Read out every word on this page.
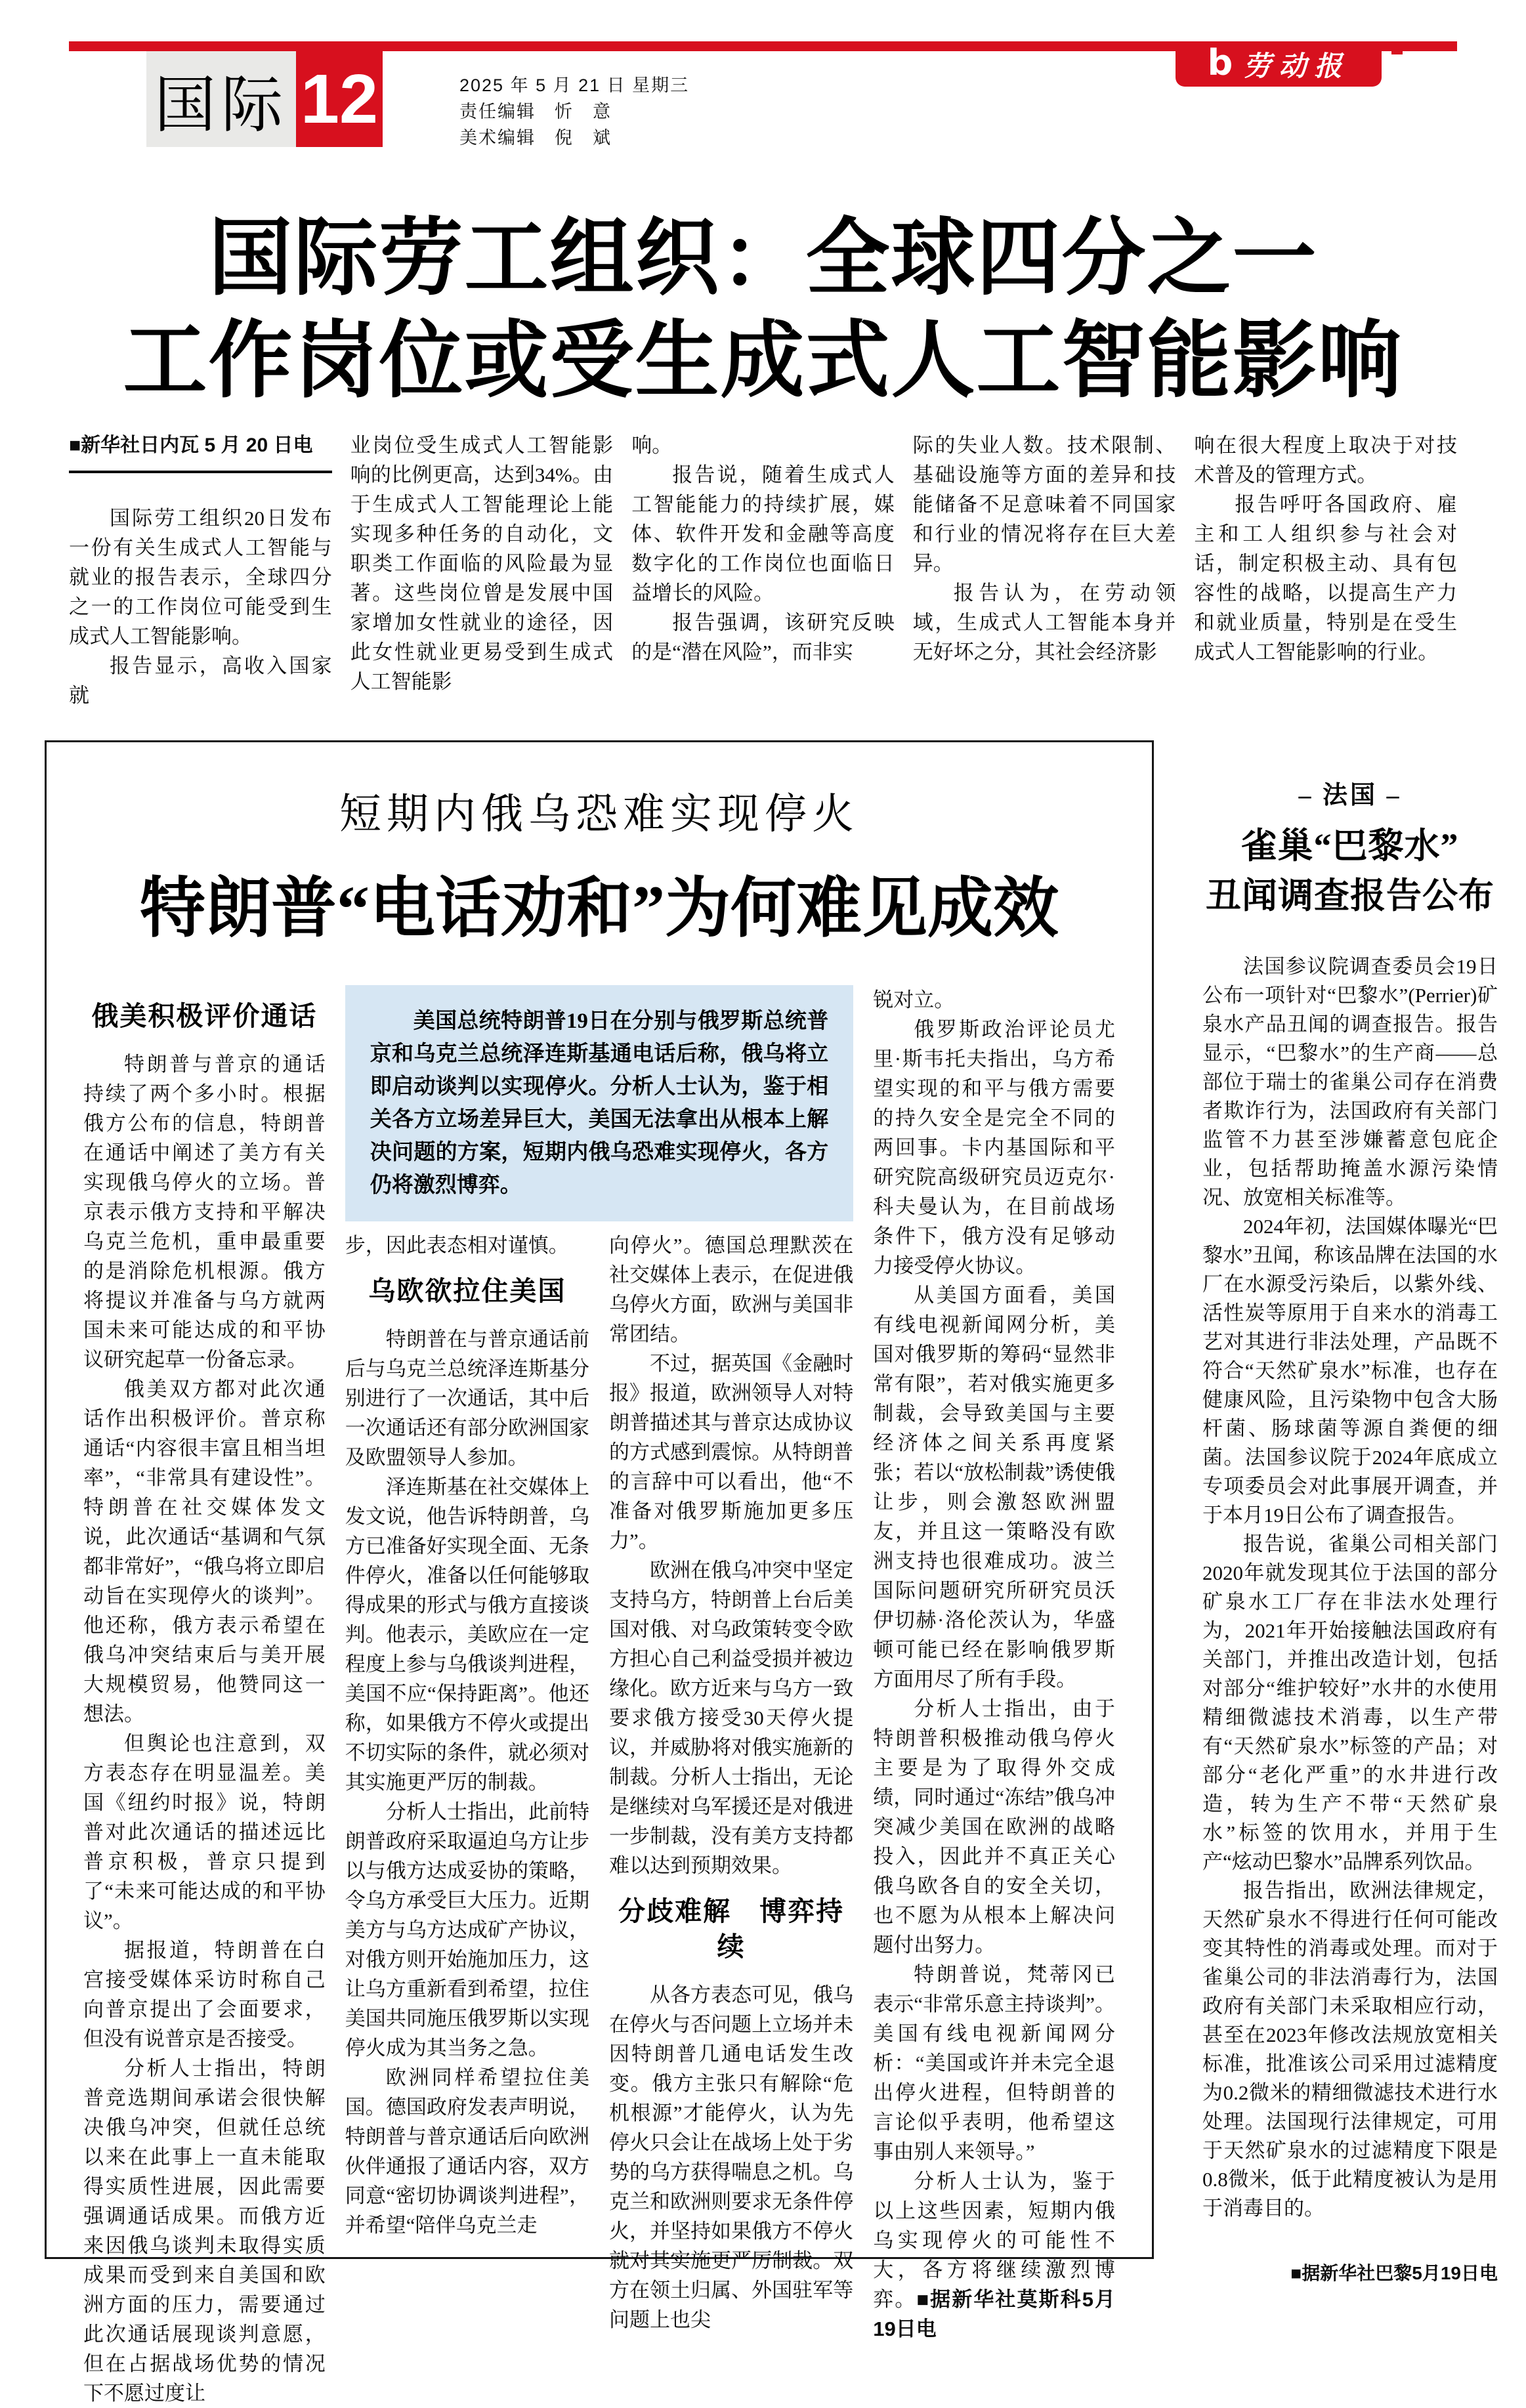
国际 12	2025 年 5 月 21 日 星期三
责任编辑　忻　意
美术编辑　倪　斌
b 劳动报
国际劳工组织：全球四分之一
工作岗位或受生成式人工智能影响

■新华社日内瓦 5 月 20 日电

国际劳工组织20日发布一份有关生成式人工智能与就业的报告表示，全球四分之一的工作岗位可能受到生成式人工智能影响。

报告显示，高收入国家就

业岗位受生成式人工智能影响的比例更高，达到34%。由于生成式人工智能理论上能实现多种任务的自动化，文职类工作面临的风险最为显著。这些岗位曾是发展中国家增加女性就业的途径，因此女性就业更易受到生成式人工智能影

响。

报告说，随着生成式人工智能能力的持续扩展，媒体、软件开发和金融等高度数字化的工作岗位也面临日益增长的风险。

报告强调，该研究反映的是“潜在风险”，而非实

际的失业人数。技术限制、基础设施等方面的差异和技能储备不足意味着不同国家和行业的情况将存在巨大差异。

报告认为，在劳动领域，生成式人工智能本身并无好坏之分，其社会经济影

响在很大程度上取决于对技术普及的管理方式。

报告呼吁各国政府、雇主和工人组织参与社会对话，制定积极主动、具有包容性的战略，以提高生产力和就业质量，特别是在受生成式人工智能影响的行业。

短期内俄乌恐难实现停火
特朗普“电话劝和”为何难见成效

俄美积极评价通话

特朗普与普京的通话持续了两个多小时。根据俄方公布的信息，特朗普在通话中阐述了美方有关实现俄乌停火的立场。普京表示俄方支持和平解决乌克兰危机，重申最重要的是消除危机根源。俄方将提议并准备与乌方就两国未来可能达成的和平协议研究起草一份备忘录。

俄美双方都对此次通话作出积极评价。普京称通话“内容很丰富且相当坦率”，“非常具有建设性”。特朗普在社交媒体发文说，此次通话“基调和气氛都非常好”，“俄乌将立即启动旨在实现停火的谈判”。他还称，俄方表示希望在俄乌冲突结束后与美开展大规模贸易，他赞同这一想法。

但舆论也注意到，双方表态存在明显温差。美国《纽约时报》说，特朗普对此次通话的描述远比普京积极，普京只提到了“未来可能达成的和平协议”。

据报道，特朗普在白宫接受媒体采访时称自己向普京提出了会面要求，但没有说普京是否接受。

分析人士指出，特朗普竞选期间承诺会很快解决俄乌冲突，但就任总统以来在此事上一直未能取得实质性进展，因此需要强调通话成果。而俄方近来因俄乌谈判未取得实质成果而受到来自美国和欧洲方面的压力，需要通过此次通话展现谈判意愿，但在占据战场优势的情况下不愿过度让

美国总统特朗普19日在分别与俄罗斯总统普京和乌克兰总统泽连斯基通电话后称，俄乌将立即启动谈判以实现停火。分析人士认为，鉴于相关各方立场差异巨大，美国无法拿出从根本上解决问题的方案，短期内俄乌恐难实现停火，各方仍将激烈博弈。

步，因此表态相对谨慎。

乌欧欲拉住美国

特朗普在与普京通话前后与乌克兰总统泽连斯基分别进行了一次通话，其中后一次通话还有部分欧洲国家及欧盟领导人参加。

泽连斯基在社交媒体上发文说，他告诉特朗普，乌方已准备好实现全面、无条件停火，准备以任何能够取得成果的形式与俄方直接谈判。他表示，美欧应在一定程度上参与乌俄谈判进程，美国不应“保持距离”。他还称，如果俄方不停火或提出不切实际的条件，就必须对其实施更严厉的制裁。

分析人士指出，此前特朗普政府采取逼迫乌方让步以与俄方达成妥协的策略，令乌方承受巨大压力。近期美方与乌方达成矿产协议，对俄方则开始施加压力，这让乌方重新看到希望，拉住美国共同施压俄罗斯以实现停火成为其当务之急。

欧洲同样希望拉住美国。德国政府发表声明说，特朗普与普京通话后向欧洲伙伴通报了通话内容，双方同意“密切协调谈判进程”，并希望“陪伴乌克兰走

向停火”。德国总理默茨在社交媒体上表示，在促进俄乌停火方面，欧洲与美国非常团结。

不过，据英国《金融时报》报道，欧洲领导人对特朗普描述其与普京达成协议的方式感到震惊。从特朗普的言辞中可以看出，他“不准备对俄罗斯施加更多压力”。

欧洲在俄乌冲突中坚定支持乌方，特朗普上台后美国对俄、对乌政策转变令欧方担心自己利益受损并被边缘化。欧方近来与乌方一致要求俄方接受30天停火提议，并威胁将对俄实施新的制裁。分析人士指出，无论是继续对乌军援还是对俄进一步制裁，没有美方支持都难以达到预期效果。

分歧难解　博弈持续

从各方表态可见，俄乌在停火与否问题上立场并未因特朗普几通电话发生改变。俄方主张只有解除“危机根源”才能停火，认为先停火只会让在战场上处于劣势的乌方获得喘息之机。乌克兰和欧洲则要求无条件停火，并坚持如果俄方不停火就对其实施更严厉制裁。双方在领土归属、外国驻军等问题上也尖

锐对立。

俄罗斯政治评论员尤里·斯韦托夫指出，乌方希望实现的和平与俄方需要的持久安全是完全不同的两回事。卡内基国际和平研究院高级研究员迈克尔·科夫曼认为，在目前战场条件下，俄方没有足够动力接受停火协议。

从美国方面看，美国有线电视新闻网分析，美国对俄罗斯的筹码“显然非常有限”，若对俄实施更多制裁，会导致美国与主要经济体之间关系再度紧张；若以“放松制裁”诱使俄让步，则会激怒欧洲盟友，并且这一策略没有欧洲支持也很难成功。波兰国际问题研究所研究员沃伊切赫·洛伦茨认为，华盛顿可能已经在影响俄罗斯方面用尽了所有手段。

分析人士指出，由于特朗普积极推动俄乌停火主要是为了取得外交成绩，同时通过“冻结”俄乌冲突减少美国在欧洲的战略投入，因此并不真正关心俄乌欧各自的安全关切，也不愿为从根本上解决问题付出努力。

特朗普说，梵蒂冈已表示“非常乐意主持谈判”。美国有线电视新闻网分析：“美国或许并未完全退出停火进程，但特朗普的言论似乎表明，他希望这事由别人来领导。”

分析人士认为，鉴于以上这些因素，短期内俄乌实现停火的可能性不大，各方将继续激烈博弈。■据新华社莫斯科5月19日电

– 法国 –
雀巢“巴黎水”
丑闻调查报告公布

法国参议院调查委员会19日公布一项针对“巴黎水”(Perrier)矿泉水产品丑闻的调查报告。报告显示，“巴黎水”的生产商——总部位于瑞士的雀巢公司存在消费者欺诈行为，法国政府有关部门监管不力甚至涉嫌蓄意包庇企业，包括帮助掩盖水源污染情况、放宽相关标准等。

2024年初，法国媒体曝光“巴黎水”丑闻，称该品牌在法国的水厂在水源受污染后，以紫外线、活性炭等原用于自来水的消毒工艺对其进行非法处理，产品既不符合“天然矿泉水”标准，也存在健康风险，且污染物中包含大肠杆菌、肠球菌等源自粪便的细菌。法国参议院于2024年底成立专项委员会对此事展开调查，并于本月19日公布了调查报告。

报告说，雀巢公司相关部门2020年就发现其位于法国的部分矿泉水工厂存在非法水处理行为，2021年开始接触法国政府有关部门，并推出改造计划，包括对部分“维护较好”水井的水使用精细微滤技术消毒，以生产带有“天然矿泉水”标签的产品；对部分“老化严重”的水井进行改造，转为生产不带“天然矿泉水”标签的饮用水，并用于生产“炫动巴黎水”品牌系列饮品。

报告指出，欧洲法律规定，天然矿泉水不得进行任何可能改变其特性的消毒或处理。而对于雀巢公司的非法消毒行为，法国政府有关部门未采取相应行动，甚至在2023年修改法规放宽相关标准，批准该公司采用过滤精度为0.2微米的精细微滤技术进行水处理。法国现行法律规定，可用于天然矿泉水的过滤精度下限是0.8微米，低于此精度被认为是用于消毒目的。

■据新华社巴黎5月19日电
